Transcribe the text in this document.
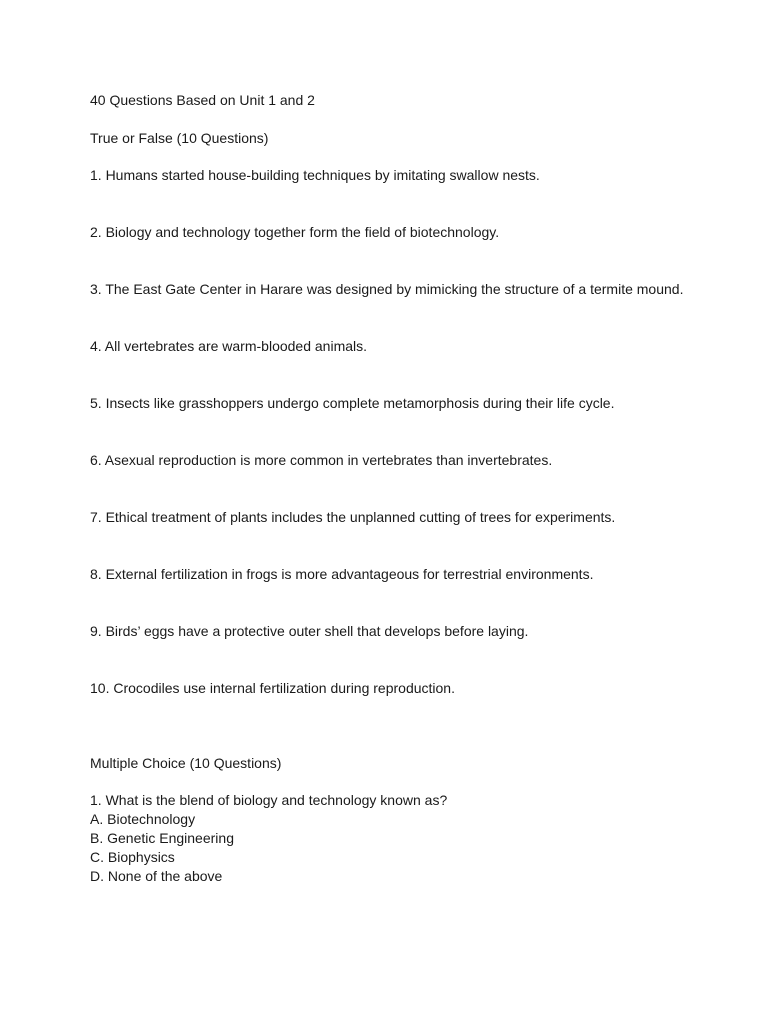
40 Questions Based on Unit 1 and 2

True or False (10 Questions)

1. Humans started house-building techniques by imitating swallow nests.

2. Biology and technology together form the field of biotechnology.

3. The East Gate Center in Harare was designed by mimicking the structure of a termite mound.

4. All vertebrates are warm-blooded animals.

5. Insects like grasshoppers undergo complete metamorphosis during their life cycle.

6. Asexual reproduction is more common in vertebrates than invertebrates.

7. Ethical treatment of plants includes the unplanned cutting of trees for experiments.

8. External fertilization in frogs is more advantageous for terrestrial environments.

9. Birds’ eggs have a protective outer shell that develops before laying.

10. Crocodiles use internal fertilization during reproduction.

Multiple Choice (10 Questions)

1. What is the blend of biology and technology known as?

A. Biotechnology

B. Genetic Engineering

C. Biophysics

D. None of the above
